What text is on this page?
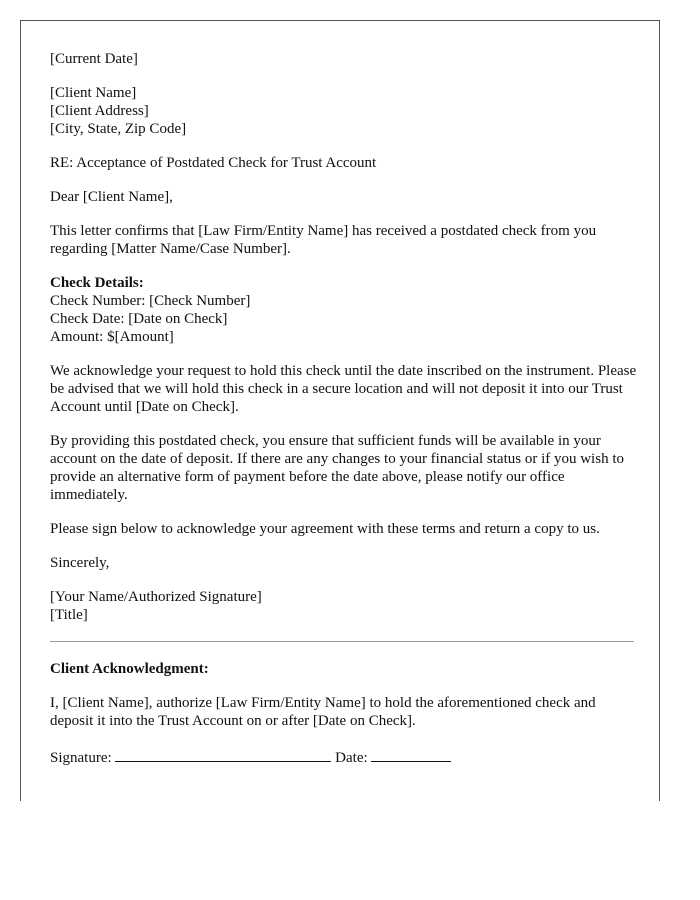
[Current Date]

[Client Name]
[Client Address]
[City, State, Zip Code]

RE: Acceptance of Postdated Check for Trust Account

Dear [Client Name],

This letter confirms that [Law Firm/Entity Name] has received a postdated check from you regarding [Matter Name/Case Number].

Check Details:
Check Number: [Check Number]
Check Date: [Date on Check]
Amount: $[Amount]

We acknowledge your request to hold this check until the date inscribed on the instrument. Please be advised that we will hold this check in a secure location and will not deposit it into our Trust Account until [Date on Check].

By providing this postdated check, you ensure that sufficient funds will be available in your account on the date of deposit. If there are any changes to your financial status or if you wish to provide an alternative form of payment before the date above, please notify our office immediately.

Please sign below to acknowledge your agreement with these terms and return a copy to us.

Sincerely,

[Your Name/Authorized Signature]
[Title]

Client Acknowledgment:

I, [Client Name], authorize [Law Firm/Entity Name] to hold the aforementioned check and deposit it into the Trust Account on or after [Date on Check].

Signature:	Date:
